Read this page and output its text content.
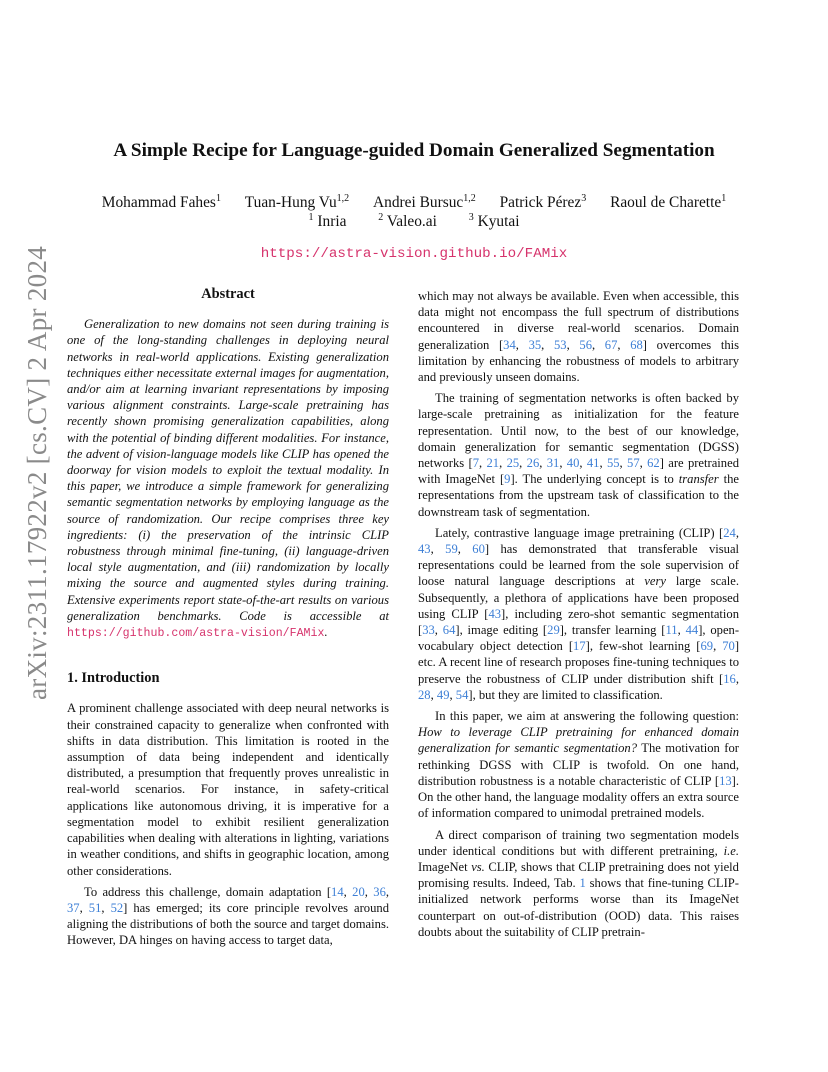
arXiv:2311.17922v2 [cs.CV] 2 Apr 2024
A Simple Recipe for Language-guided Domain Generalized Segmentation
Mohammad Fahes$^1$ Tuan-Hung Vu$^{1,2}$ Andrei Bursuc$^{1,2}$ Patrick Pérez$^3$ Raoul de Charette$^1$
$^1$ Inria	$^2$ Valeo.ai	$^3$ Kyutai
https://astra-vision.github.io/FAMix
Abstract

Generalization to new domains not seen during training is one of the long-standing challenges in deploying neural networks in real-world applications. Existing generalization techniques either necessitate external images for augmentation, and/or aim at learning invariant representations by imposing various alignment constraints. Large-scale pretraining has recently shown promising generalization capabilities, along with the potential of binding different modalities. For instance, the advent of vision-language models like CLIP has opened the doorway for vision models to exploit the textual modality. In this paper, we introduce a simple framework for generalizing semantic segmentation networks by employing language as the source of randomization. Our recipe comprises three key ingredients: (i) the preservation of the intrinsic CLIP robustness through minimal fine-tuning, (ii) language-driven local style augmentation, and (iii) randomization by locally mixing the source and augmented styles during training. Extensive experiments report state-of-the-art results on various generalization benchmarks. Code is accessible at https://github.com/astra-vision/FAMix.

1. Introduction

A prominent challenge associated with deep neural networks is their constrained capacity to generalize when confronted with shifts in data distribution. This limitation is rooted in the assumption of data being independent and identically distributed, a presumption that frequently proves unrealistic in real-world scenarios. For instance, in safety-critical applications like autonomous driving, it is imperative for a segmentation model to exhibit resilient generalization capabilities when dealing with alterations in lighting, variations in weather conditions, and shifts in geographic location, among other considerations.

To address this challenge, domain adaptation [14, 20, 36, 37, 51, 52] has emerged; its core principle revolves around aligning the distributions of both the source and target domains. However, DA hinges on having access to target data,

which may not always be available. Even when accessible, this data might not encompass the full spectrum of distributions encountered in diverse real-world scenarios. Domain generalization [34, 35, 53, 56, 67, 68] overcomes this limitation by enhancing the robustness of models to arbitrary and previously unseen domains.

The training of segmentation networks is often backed by large-scale pretraining as initialization for the feature representation. Until now, to the best of our knowledge, domain generalization for semantic segmentation (DGSS) networks [7, 21, 25, 26, 31, 40, 41, 55, 57, 62] are pretrained with ImageNet [9]. The underlying concept is to transfer the representations from the upstream task of classification to the downstream task of segmentation.

Lately, contrastive language image pretraining (CLIP) [24, 43, 59, 60] has demonstrated that transferable visual representations could be learned from the sole supervision of loose natural language descriptions at very large scale. Subsequently, a plethora of applications have been proposed using CLIP [43], including zero-shot semantic segmentation [33, 64], image editing [29], transfer learning [11, 44], open-vocabulary object detection [17], few-shot learning [69, 70] etc. A recent line of research proposes fine-tuning techniques to preserve the robustness of CLIP under distribution shift [16, 28, 49, 54], but they are limited to classification.

In this paper, we aim at answering the following question: How to leverage CLIP pretraining for enhanced domain generalization for semantic segmentation? The motivation for rethinking DGSS with CLIP is twofold. On one hand, distribution robustness is a notable characteristic of CLIP [13]. On the other hand, the language modality offers an extra source of information compared to unimodal pretrained models.

A direct comparison of training two segmentation models under identical conditions but with different pretraining, i.e. ImageNet vs. CLIP, shows that CLIP pretraining does not yield promising results. Indeed, Tab. 1 shows that fine-tuning CLIP-initialized network performs worse than its ImageNet counterpart on out-of-distribution (OOD) data. This raises doubts about the suitability of CLIP pretrain-
